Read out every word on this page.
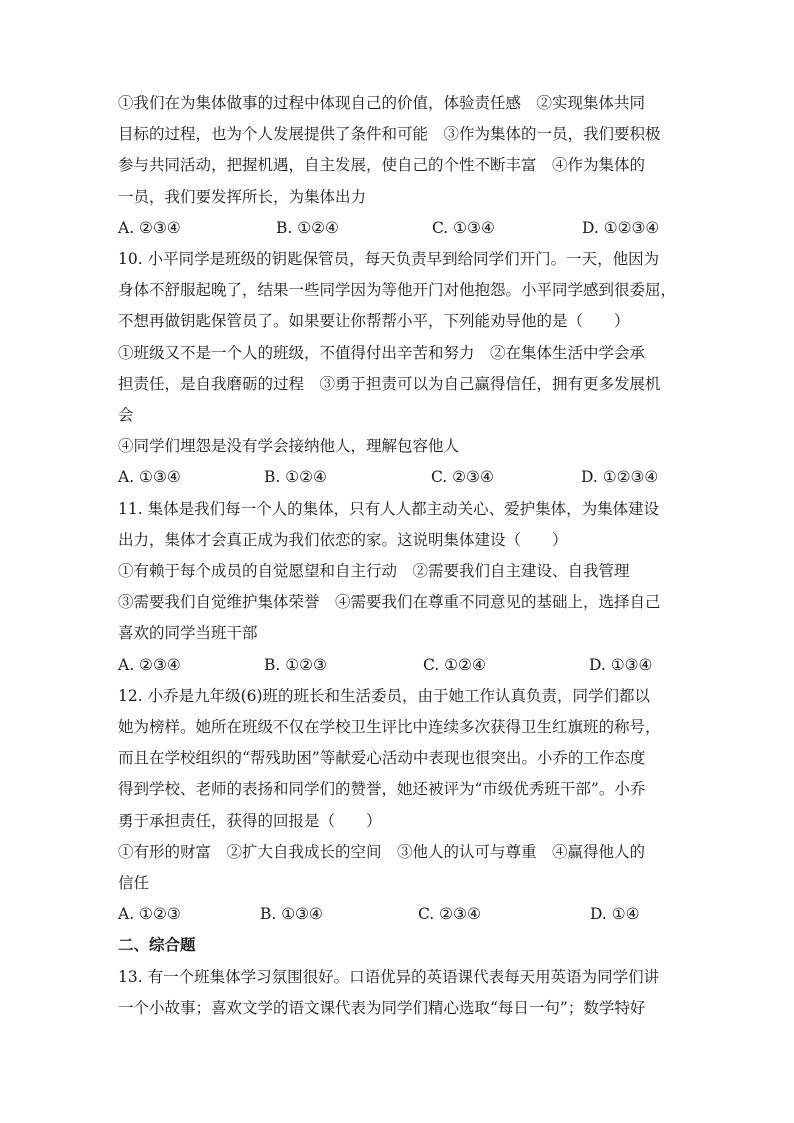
①我们在为集体做事的过程中体现自己的价值，体验责任感　②实现集体共同
目标的过程，也为个人发展提供了条件和可能　③作为集体的一员，我们要积极
参与共同活动，把握机遇，自主发展，使自己的个性不断丰富　④作为集体的
一员，我们要发挥所长，为集体出力
A. ②③④	B. ①②④	C. ①③④	D. ①②③④
10. 小平同学是班级的钥匙保管员，每天负责早到给同学们开门。一天，他因为
身体不舒服起晚了，结果一些同学因为等他开门对他抱怨。小平同学感到很委屈，
不想再做钥匙保管员了。如果要让你帮帮小平，下列能劝导他的是（　　）
①班级又不是一个人的班级，不值得付出辛苦和努力　②在集体生活中学会承
担责任，是自我磨砺的过程　③勇于担责可以为自己赢得信任，拥有更多发展机
会
④同学们埋怨是没有学会接纳他人，理解包容他人
A. ①③④	B. ①②④	C. ②③④	D. ①②③④
11. 集体是我们每一个人的集体，只有人人都主动关心、爱护集体，为集体建设
出力，集体才会真正成为我们依恋的家。这说明集体建设（　　）
①有赖于每个成员的自觉愿望和自主行动　②需要我们自主建设、自我管理
③需要我们自觉维护集体荣誉　④需要我们在尊重不同意见的基础上，选择自己
喜欢的同学当班干部
A. ②③④	B. ①②③	C. ①②④	D. ①③④
12. 小乔是九年级(6)班的班长和生活委员，由于她工作认真负责，同学们都以
她为榜样。她所在班级不仅在学校卫生评比中连续多次获得卫生红旗班的称号，
而且在学校组织的“帮残助困”等献爱心活动中表现也很突出。小乔的工作态度
得到学校、老师的表扬和同学们的赞誉，她还被评为“市级优秀班干部”。小乔
勇于承担责任，获得的回报是（　　）
①有形的财富　②扩大自我成长的空间　③他人的认可与尊重　④赢得他人的
信任
A. ①②③	B. ①③④	C. ②③④	D. ①④
二、综合题
13. 有一个班集体学习氛围很好。口语优异的英语课代表每天用英语为同学们讲
一个小故事；喜欢文学的语文课代表为同学们精心选取“每日一句”；数学特好
